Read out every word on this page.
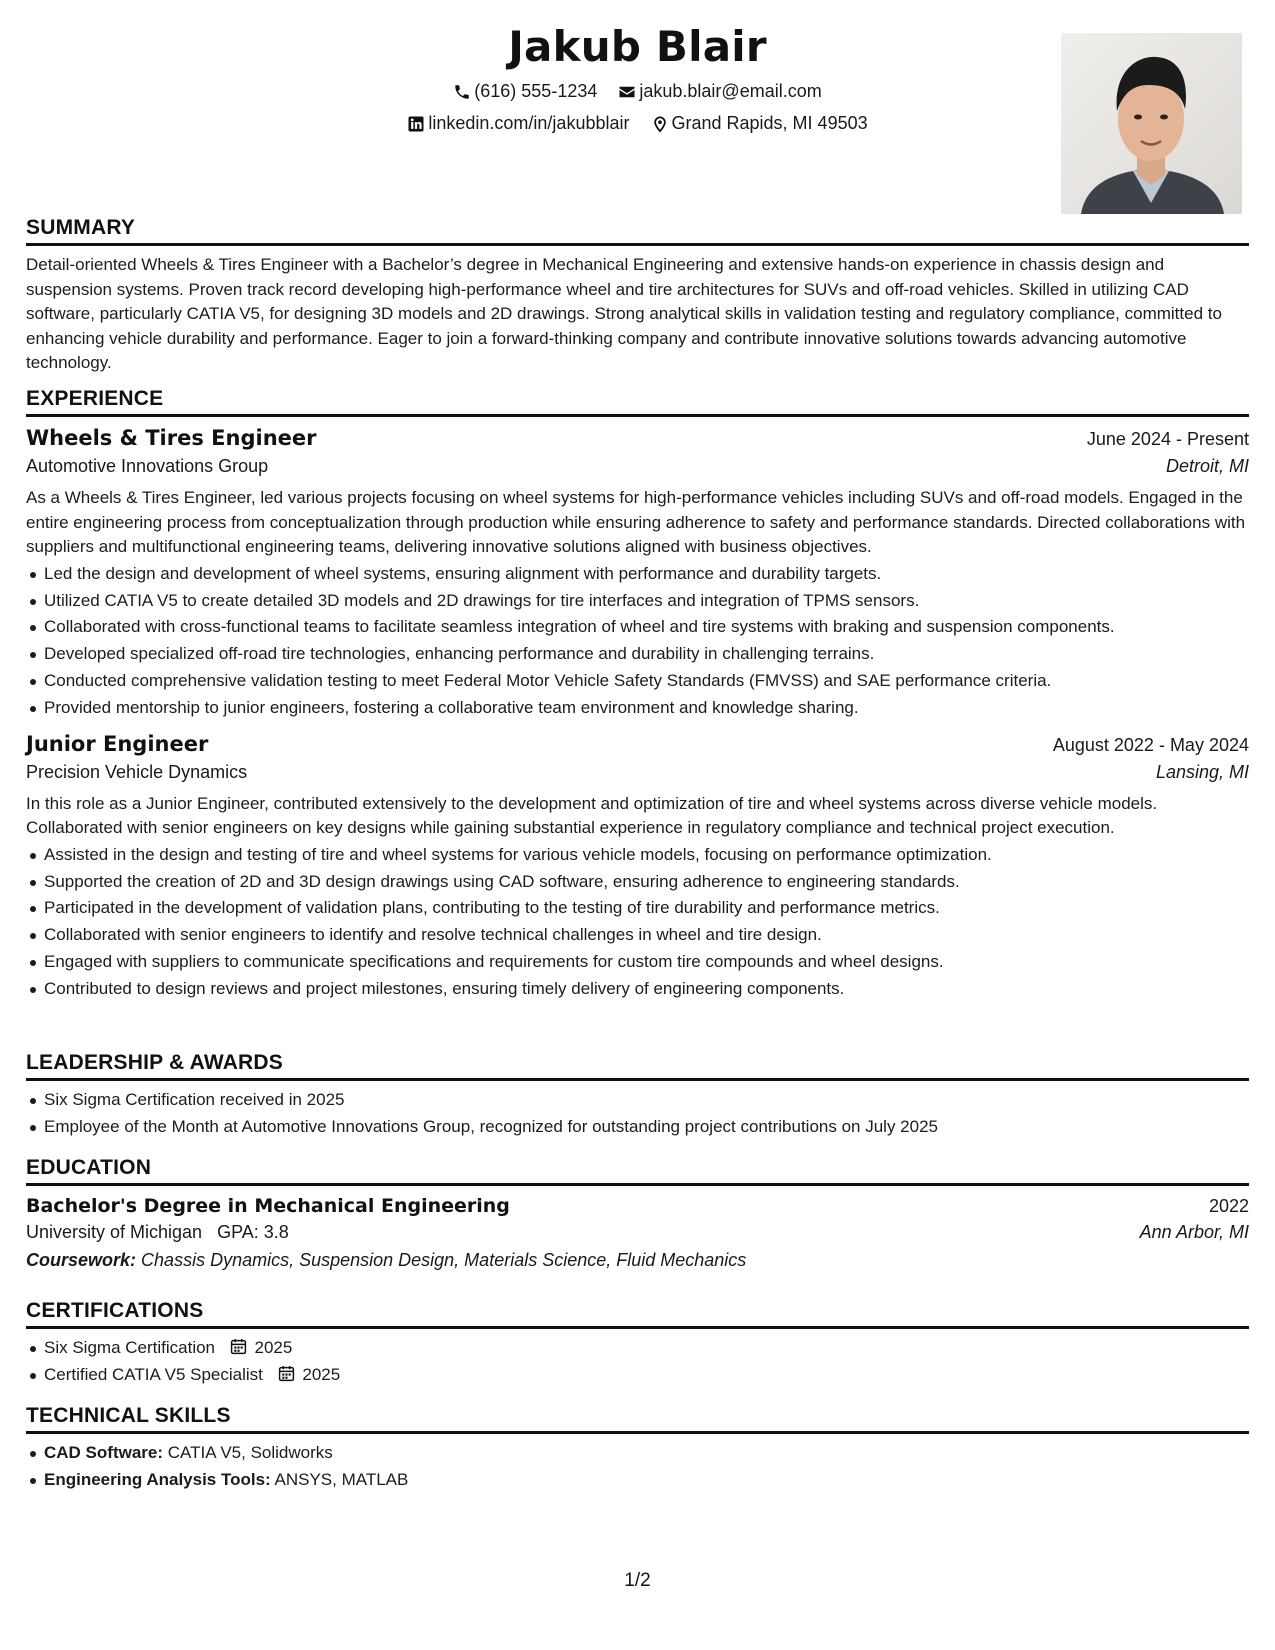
Jakub Blair
(616) 555-1234
jakub.blair@email.com
linkedin.com/in/jakubblair
Grand Rapids, MI 49503
SUMMARY

Detail-oriented Wheels & Tires Engineer with a Bachelor’s degree in Mechanical Engineering and extensive hands-on experience in chassis design and suspension systems. Proven track record developing high-performance wheel and tire architectures for SUVs and off-road vehicles. Skilled in utilizing CAD software, particularly CATIA V5, for designing 3D models and 2D drawings. Strong analytical skills in validation testing and regulatory compliance, committed to enhancing vehicle durability and performance. Eager to join a forward-thinking company and contribute innovative solutions towards advancing automotive technology.

EXPERIENCE
Wheels & Tires Engineer	June 2024 - Present
Automotive Innovations Group	Detroit, MI

As a Wheels & Tires Engineer, led various projects focusing on wheel systems for high-performance vehicles including SUVs and off-road models. Engaged in the entire engineering process from conceptualization through production while ensuring adherence to safety and performance standards. Directed collaborations with suppliers and multifunctional engineering teams, delivering innovative solutions aligned with business objectives.

Led the design and development of wheel systems, ensuring alignment with performance and durability targets.
Utilized CATIA V5 to create detailed 3D models and 2D drawings for tire interfaces and integration of TPMS sensors.
Collaborated with cross-functional teams to facilitate seamless integration of wheel and tire systems with braking and suspension components.
Developed specialized off-road tire technologies, enhancing performance and durability in challenging terrains.
Conducted comprehensive validation testing to meet Federal Motor Vehicle Safety Standards (FMVSS) and SAE performance criteria.
Provided mentorship to junior engineers, fostering a collaborative team environment and knowledge sharing.
Junior Engineer	August 2022 - May 2024
Precision Vehicle Dynamics	Lansing, MI

In this role as a Junior Engineer, contributed extensively to the development and optimization of tire and wheel systems across diverse vehicle models. Collaborated with senior engineers on key designs while gaining substantial experience in regulatory compliance and technical project execution.

Assisted in the design and testing of tire and wheel systems for various vehicle models, focusing on performance optimization.
Supported the creation of 2D and 3D design drawings using CAD software, ensuring adherence to engineering standards.
Participated in the development of validation plans, contributing to the testing of tire durability and performance metrics.
Collaborated with senior engineers to identify and resolve technical challenges in wheel and tire design.
Engaged with suppliers to communicate specifications and requirements for custom tire compounds and wheel designs.
Contributed to design reviews and project milestones, ensuring timely delivery of engineering components.
LEADERSHIP & AWARDS
Six Sigma Certification received in 2025
Employee of the Month at Automotive Innovations Group, recognized for outstanding project contributions on July 2025
EDUCATION
Bachelor's Degree in Mechanical Engineering	2022
University of Michigan GPA: 3.8	Ann Arbor, MI
Coursework: Chassis Dynamics, Suspension Design, Materials Science, Fluid Mechanics
CERTIFICATIONS
Six Sigma Certification 2025
Certified CATIA V5 Specialist 2025
TECHNICAL SKILLS
CAD Software: CATIA V5, Solidworks
Engineering Analysis Tools: ANSYS, MATLAB
1/2
